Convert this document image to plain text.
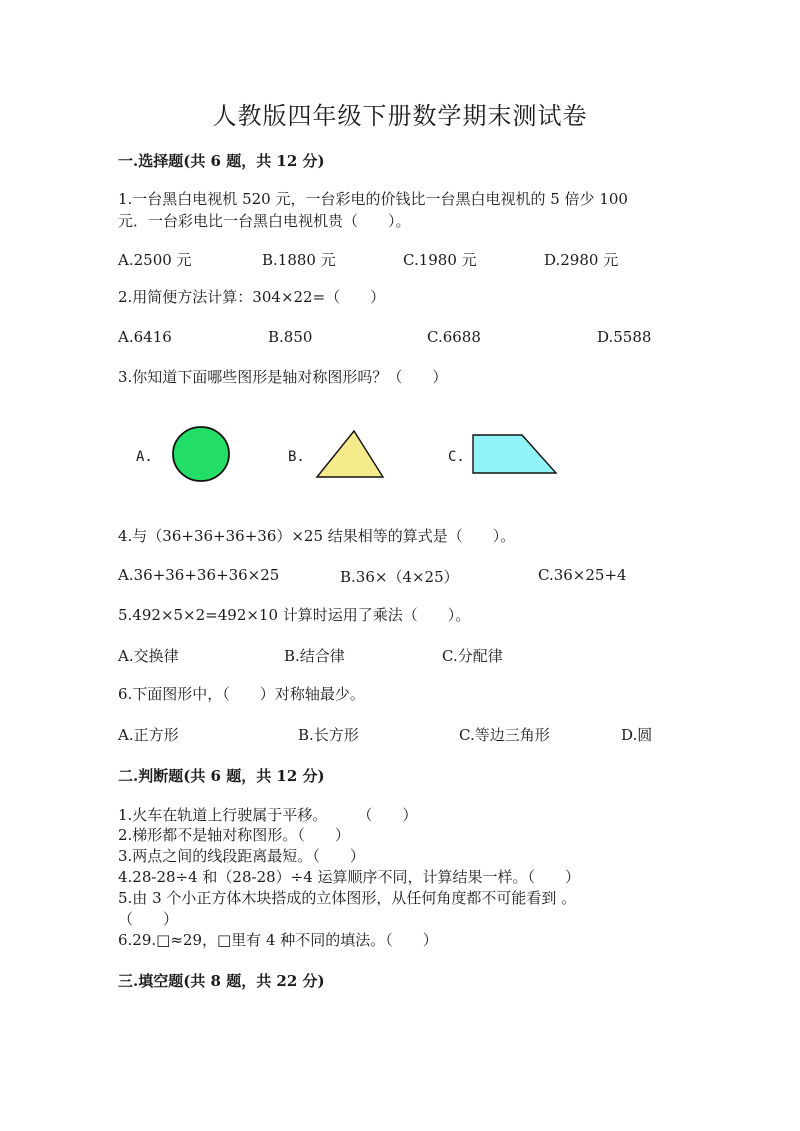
人教版四年级下册数学期末测试卷
一.选择题(共 6 题，共 12 分)
1.一台黑白电视机 520 元，一台彩电的价钱比一台黑白电视机的 5 倍少 100
元．一台彩电比一台黑白电视机贵（　　）。
A.2500 元	B.1880 元	C.1980 元	D.2980 元
2.用简便方法计算：304×22=（　　）
A.6416	B.850	C.6688	D.5588
3.你知道下面哪些图形是轴对称图形吗？（　　）
A.	B.	C.
4.与（36+36+36+36）×25 结果相等的算式是（　　）。
A.36+36+36+36×25	B.36×（4×25）	C.36×25+4
5.492×5×2=492×10 计算时运用了乘法（　　）。
A.交换律	B.结合律	C.分配律
6.下面图形中，（　　）对称轴最少。
A.正方形	B.长方形	C.等边三角形	D.圆
二.判断题(共 6 题，共 12 分)
1.火车在轨道上行驶属于平移。　　　（　　）
2.梯形都不是轴对称图形。（　　）
3.两点之间的线段距离最短。（　　）
4.28-28÷4 和（28-28）÷4 运算顺序不同，计算结果一样。（　　）
5.由 3 个小正方体木块搭成的立体图形，从任何角度都不可能看到 。
（　　）
6.29.□≈29，□里有 4 种不同的填法。（　　）
三.填空题(共 8 题，共 22 分)
